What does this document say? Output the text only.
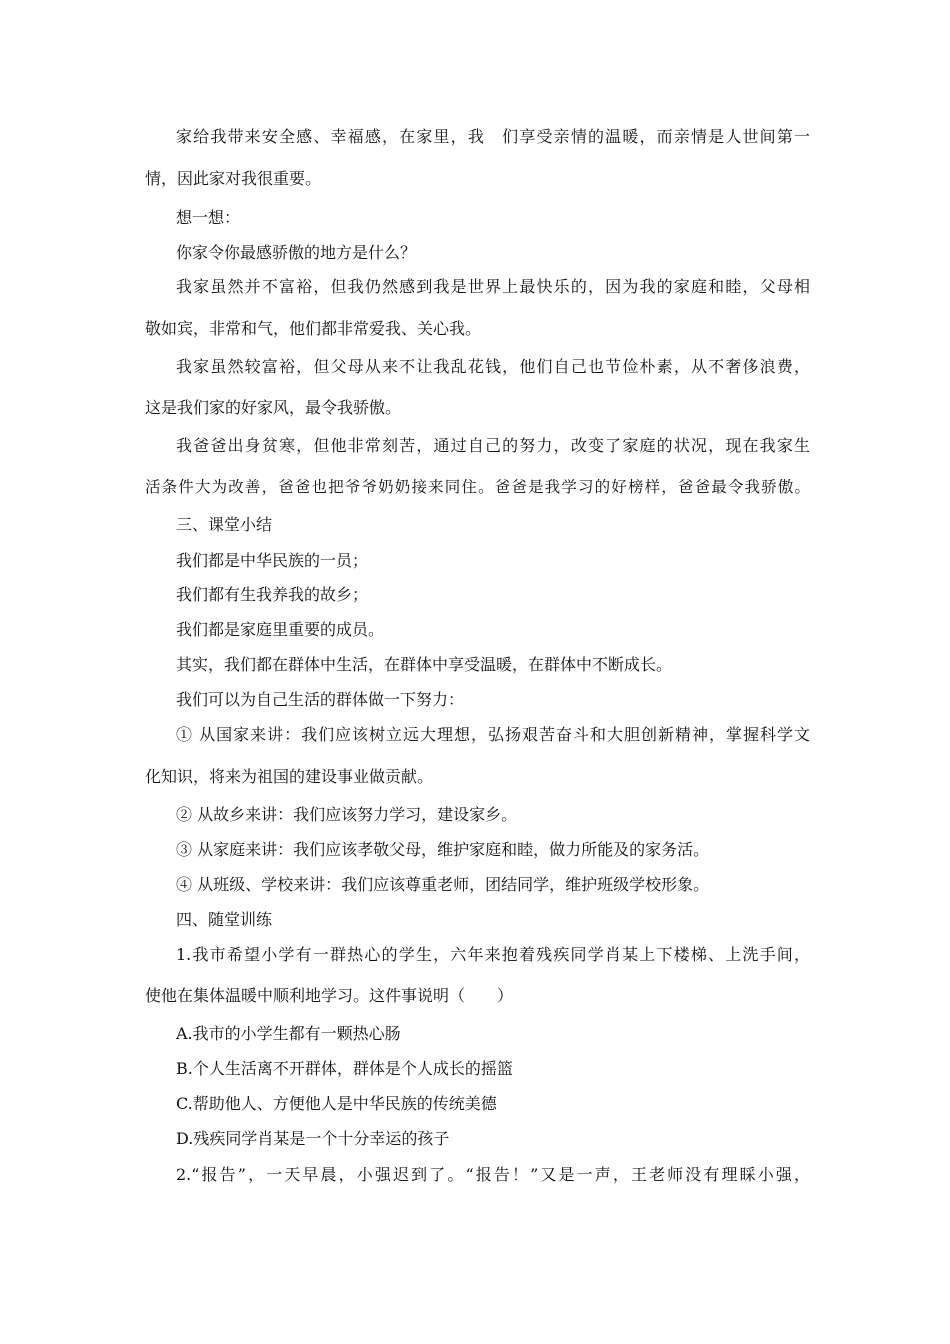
家给我带来安全感、幸福感，在家里，我　们享受亲情的温暖，而亲情是人世间第一

情，因此家对我很重要。

想一想：

你家令你最感骄傲的地方是什么？

我家虽然并不富裕，但我仍然感到我是世界上最快乐的，因为我的家庭和睦，父母相

敬如宾，非常和气，他们都非常爱我、关心我。

我家虽然较富裕，但父母从来不让我乱花钱，他们自己也节俭朴素，从不奢侈浪费，

这是我们家的好家风，最令我骄傲。

我爸爸出身贫寒，但他非常刻苦，通过自己的努力，改变了家庭的状况，现在我家生

活条件大为改善，爸爸也把爷爷奶奶接来同住。爸爸是我学习的好榜样，爸爸最令我骄傲。

三、课堂小结

我们都是中华民族的一员；

我们都有生我养我的故乡；

我们都是家庭里重要的成员。

其实，我们都在群体中生活，在群体中享受温暖，在群体中不断成长。

我们可以为自己生活的群体做一下努力：

① 从国家来讲：我们应该树立远大理想，弘扬艰苦奋斗和大胆创新精神，掌握科学文

化知识，将来为祖国的建设事业做贡献。

② 从故乡来讲：我们应该努力学习，建设家乡。

③ 从家庭来讲：我们应该孝敬父母，维护家庭和睦，做力所能及的家务活。

④ 从班级、学校来讲：我们应该尊重老师，团结同学，维护班级学校形象。

四、随堂训练

1.我市希望小学有一群热心的学生，六年来抱着残疾同学肖某上下楼梯、上洗手间，

使他在集体温暖中顺利地学习。这件事说明（　　）

A.我市的小学生都有一颗热心肠

B.个人生活离不开群体，群体是个人成长的摇篮

C.帮助他人、方便他人是中华民族的传统美德

D.残疾同学肖某是一个十分幸运的孩子

2.“报告”，一天早晨，小强迟到了。“报告！”又是一声，王老师没有理睬小强，
